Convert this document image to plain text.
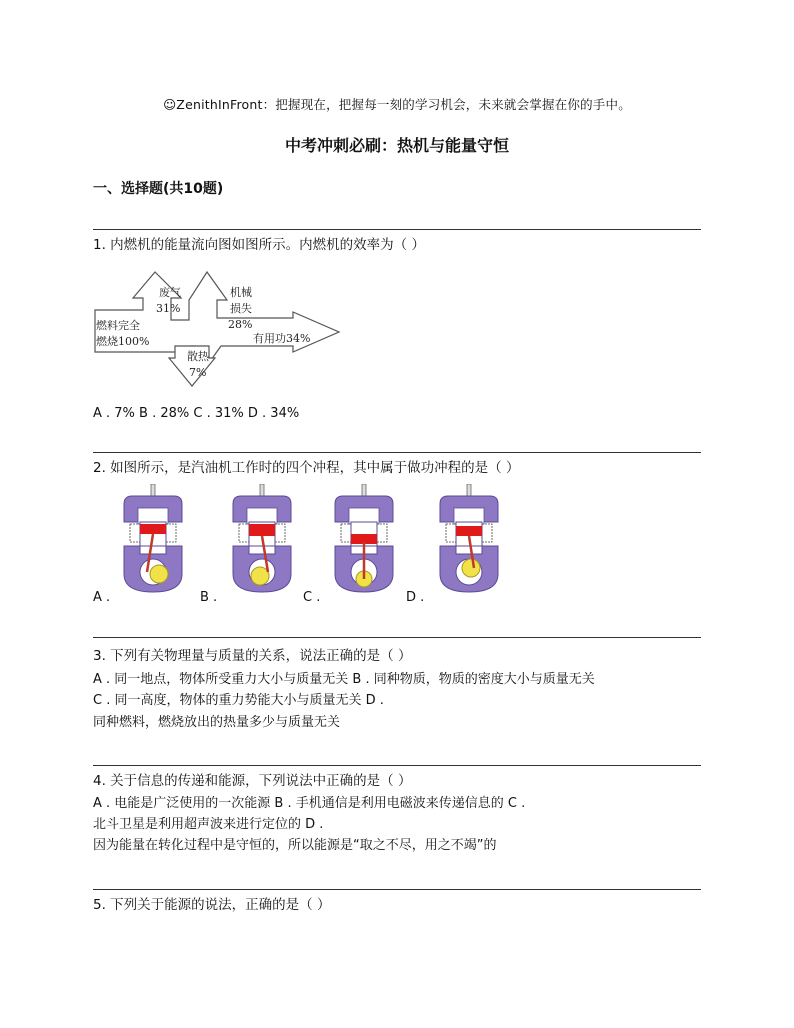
☺ZenithInFront：把握现在，把握每一刻的学习机会，未来就会掌握在你的手中。
中考冲刺必刷：热机与能量守恒
一、选择题(共10题)
1. 内燃机的能量流向图如图所示。内燃机的效率为（ ）
燃料完全
燃烧100%
废气
31%
机械
损失
28%
散热
7%
有用功34%
A . 7% B . 28% C . 31% D . 34%
2. 如图所示，是汽油机工作时的四个冲程，其中属于做功冲程的是（ ）
A .	B .	C .	D .
3. 下列有关物理量与质量的关系，说法正确的是（ ）
A . 同一地点，物体所受重力大小与质量无关 B . 同种物质，物质的密度大小与质量无关
C . 同一高度，物体的重力势能大小与质量无关 D .
同种燃料，燃烧放出的热量多少与质量无关
4. 关于信息的传递和能源，下列说法中正确的是（ ）
A . 电能是广泛使用的一次能源 B . 手机通信是利用电磁波来传递信息的 C .
北斗卫星是利用超声波来进行定位的 D .
因为能量在转化过程中是守恒的，所以能源是“取之不尽，用之不竭”的
5. 下列关于能源的说法，正确的是（ ）
